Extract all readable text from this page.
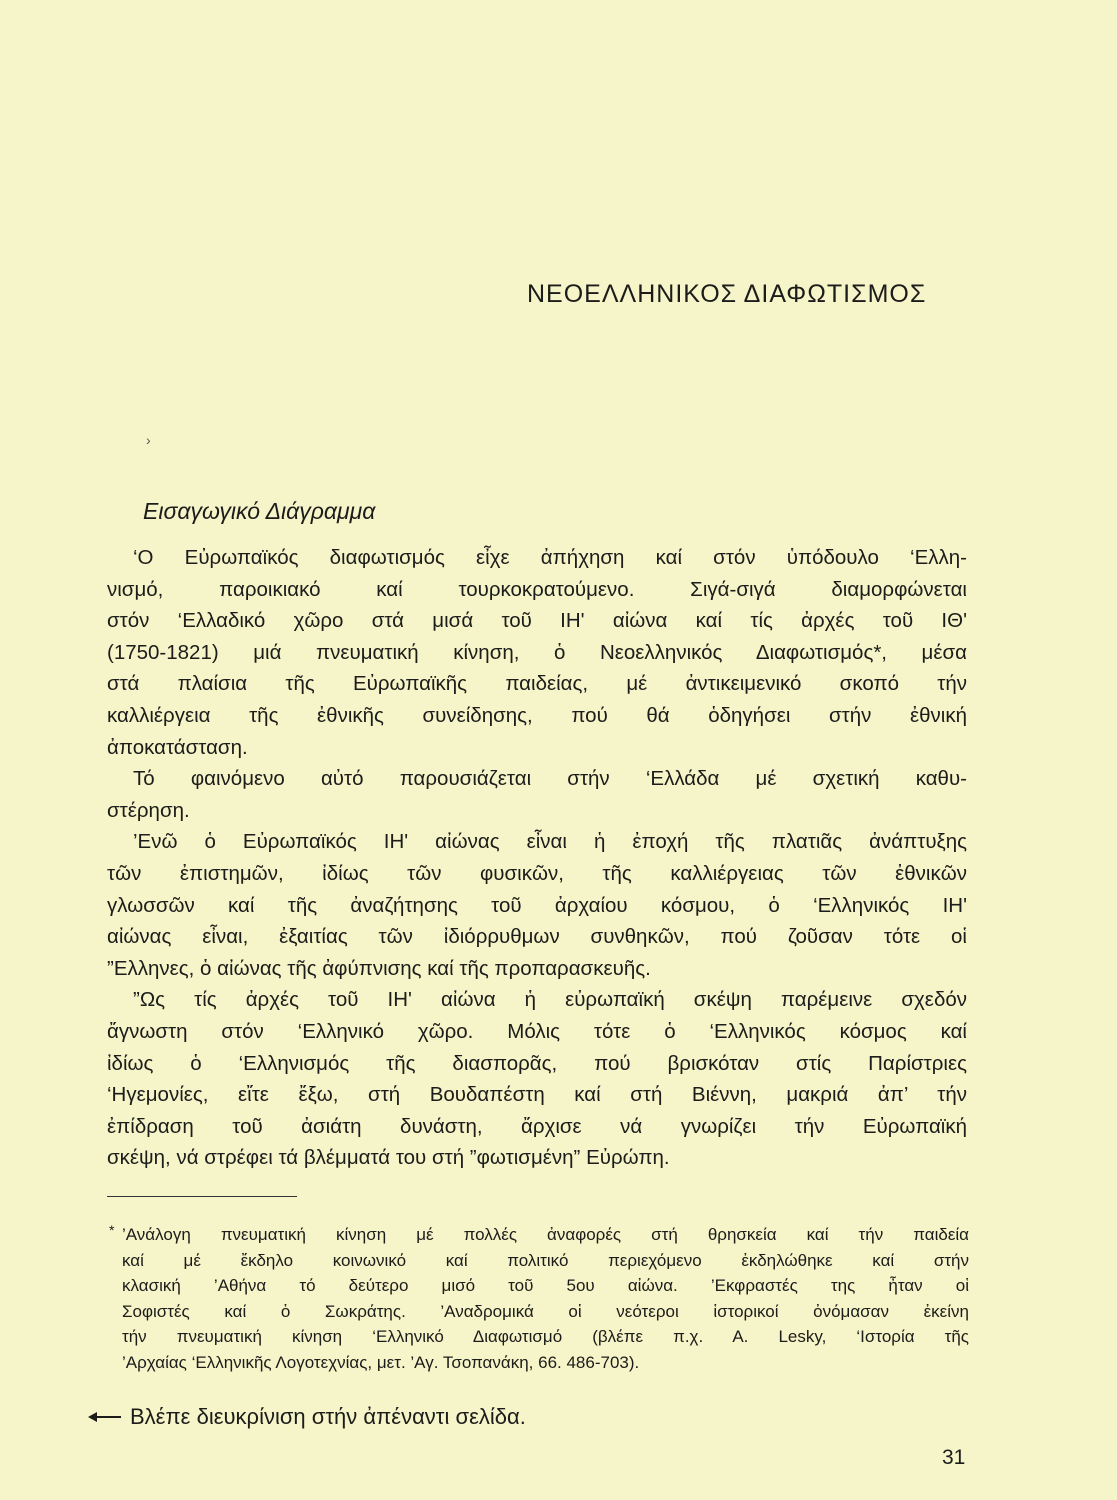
›
ΝΕΟΕΛΛΗΝΙΚΟΣ ΔΙΑΦΩΤΙΣΜΟΣ
Εισαγωγικό Διάγραμμα
‘Ο Εὐρωπαϊκός διαφωτισμός εἶχε ἀπήχηση καί στόν ὑπόδουλο ‘Ελλη-
νισμό, παροικιακό καί τουρκοκρατούμενο. Σιγά-σιγά διαμορφώνεται
στόν ‘Ελλαδικό χῶρο στά μισά τοῦ ΙΗ' αἰώνα καί τίς ἀρχές τοῦ ΙΘ'
(1750-1821) μιά πνευματική κίνηση, ὁ Νεοελληνικός Διαφωτισμός*, μέσα
στά πλαίσια τῆς Εὐρωπαϊκῆς παιδείας, μέ ἀντικειμενικό σκοπό τήν
καλλιέργεια τῆς ἐθνικῆς συνείδησης, πού θά ὁδηγήσει στήν ἐθνική
ἀποκατάσταση.
Τό φαινόμενο αὐτό παρουσιάζεται στήν ‘Ελλάδα μέ σχετική καθυ-
στέρηση.
’Ενῶ ὁ Εὐρωπαϊκός ΙΗ' αἰώνας εἶναι ἡ ἐποχή τῆς πλατιᾶς ἀνάπτυξης
τῶν ἐπιστημῶν, ἰδίως τῶν φυσικῶν, τῆς καλλιέργειας τῶν ἐθνικῶν
γλωσσῶν καί τῆς ἀναζήτησης τοῦ ἀρχαίου κόσμου, ὁ ‘Ελληνικός ΙΗ'
αἰώνας εἶναι, ἐξαιτίας τῶν ἰδιόρρυθμων συνθηκῶν, πού ζοῦσαν τότε οἱ
”Ελληνες, ὁ αἰώνας τῆς ἀφύπνισης καί τῆς προπαρασκευῆς.
”Ως τίς ἀρχές τοῦ ΙΗ' αἰώνα ἡ εὐρωπαϊκή σκέψη παρέμεινε σχεδόν
ἄγνωστη στόν ‘Ελληνικό χῶρο. Μόλις τότε ὁ ‘Ελληνικός κόσμος καί
ἰδίως ὁ ‘Ελληνισμός τῆς διασπορᾶς, πού βρισκόταν στίς Παρίστριες
‘Ηγεμονίες, εἴτε ἔξω, στή Βουδαπέστη καί στή Βιέννη, μακριά ἀπ’ τήν
ἐπίδραση τοῦ ἀσιάτη δυνάστη, ἄρχισε νά γνωρίζει τήν Εὐρωπαϊκή
σκέψη, νά στρέφει τά βλέμματά του στή ”φωτισμένη” Εὐρώπη.
* ’Ανάλογη πνευματική κίνηση μέ πολλές ἀναφορές στή θρησκεία καί τήν παιδεία
καί μέ ἔκδηλο κοινωνικό καί πολιτικό περιεχόμενο ἐκδηλώθηκε καί στήν
κλασική ’Αθήνα τό δεύτερο μισό τοῦ 5ου αἰώνα. ’Εκφραστές της ἦταν οἱ
Σοφιστές καί ὁ Σωκράτης. ’Αναδρομικά οἱ νεότεροι ἱστορικοί ὀνόμασαν ἐκείνη
τήν πνευματική κίνηση ‘Ελληνικό Διαφωτισμό (βλέπε π.χ. Α. Lesky, ‘Ιστορία τῆς
’Αρχαίας ‘Ελληνικῆς Λογοτεχνίας, μετ. ’Αγ. Τσοπανάκη, 66. 486-703).
Βλέπε διευκρίνιση στήν ἀπέναντι σελίδα.
31
